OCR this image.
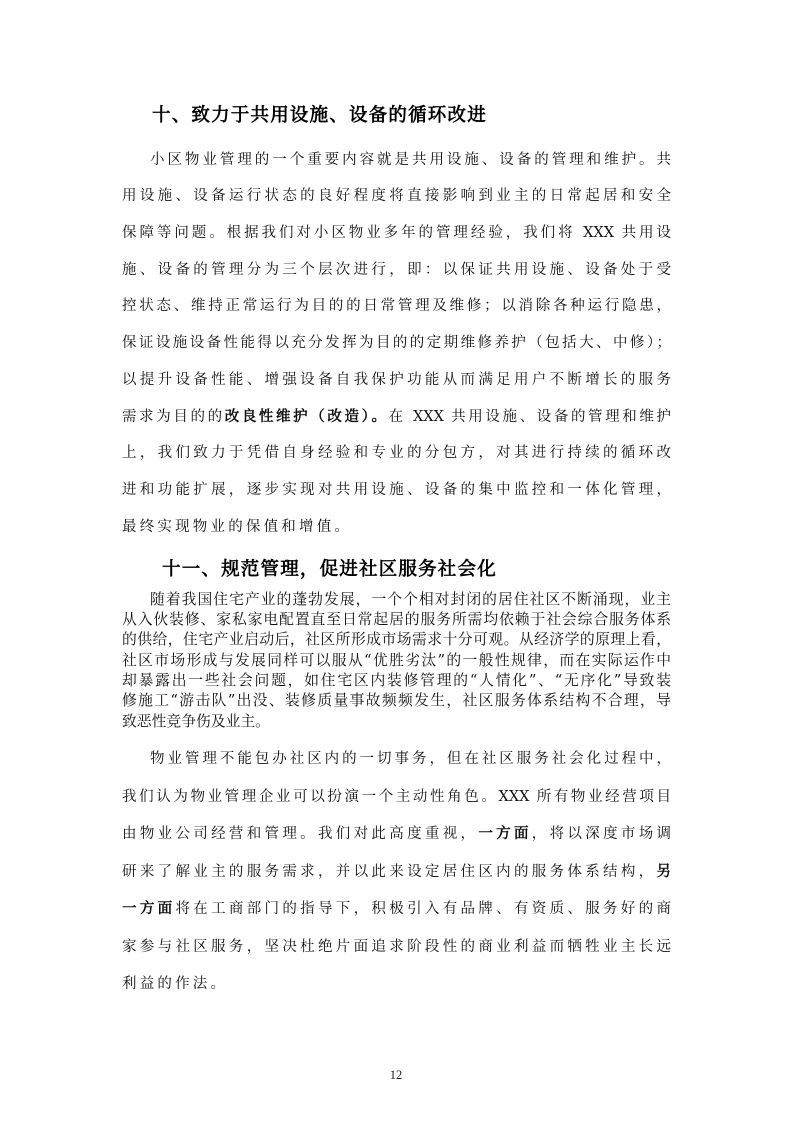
十、致力于共用设施、设备的循环改进
小区物业管理的一个重要内容就是共用设施、设备的管理和维护。共
用设施、设备运行状态的良好程度将直接影响到业主的日常起居和安全
保障等问题。根据我们对小区物业多年的管理经验，我们将 XXX 共用设
施、设备的管理分为三个层次进行，即：以保证共用设施、设备处于受
控状态、维持正常运行为目的的日常管理及维修；以消除各种运行隐患，
保证设施设备性能得以充分发挥为目的的定期维修养护（包括大、中修）；
以提升设备性能、增强设备自我保护功能从而满足用户不断增长的服务
需求为目的的改良性维护（改造）。在 XXX 共用设施、设备的管理和维护
上，我们致力于凭借自身经验和专业的分包方，对其进行持续的循环改
进和功能扩展，逐步实现对共用设施、设备的集中监控和一体化管理，
最终实现物业的保值和增值。
十一、规范管理，促进社区服务社会化
随着我国住宅产业的蓬勃发展，一个个相对封闭的居住社区不断涌现，业主
从入伙装修、家私家电配置直至日常起居的服务所需均依赖于社会综合服务体系
的供给，住宅产业启动后，社区所形成市场需求十分可观。从经济学的原理上看，
社区市场形成与发展同样可以服从“优胜劣汰”的一般性规律，而在实际运作中
却暴露出一些社会问题，如住宅区内装修管理的“人情化”、“无序化”导致装
修施工“游击队”出没、装修质量事故频频发生，社区服务体系结构不合理，导
致恶性竞争伤及业主。
物业管理不能包办社区内的一切事务，但在社区服务社会化过程中，
我们认为物业管理企业可以扮演一个主动性角色。XXX 所有物业经营项目
由物业公司经营和管理。我们对此高度重视，一方面，将以深度市场调
研来了解业主的服务需求，并以此来设定居住区内的服务体系结构，另
一方面将在工商部门的指导下，积极引入有品牌、有资质、服务好的商
家参与社区服务，坚决杜绝片面追求阶段性的商业利益而牺牲业主长远
利益的作法。
12
